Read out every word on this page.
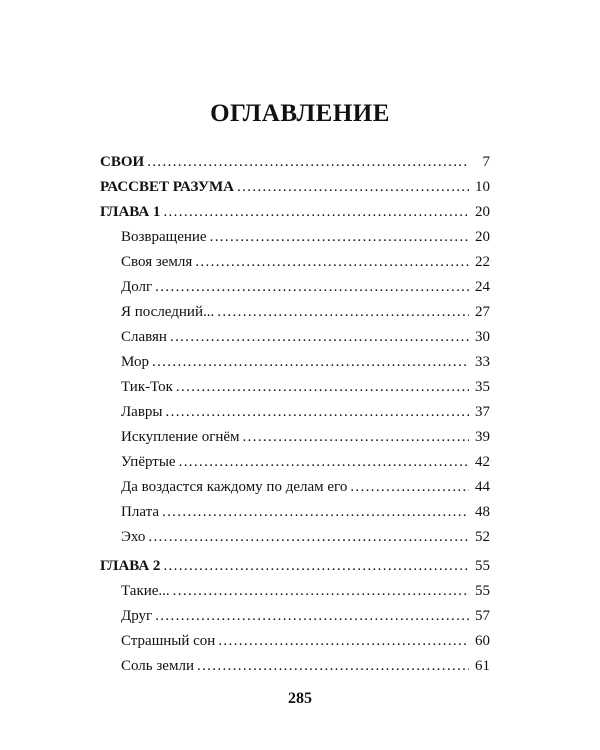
ОГЛАВЛЕНИЕ
СВОИ . . .	7
РАССВЕТ РАЗУМА . . .	10
ГЛАВА 1 . . .	20
Возвращение . . .	20
Своя земля . . .	22
Долг . . .	24
Я последний... . . .	27
Славян . . .	30
Мор . . .	33
Тик-Ток . . .	35
Лавры . . .	37
Искупление огнём . . .	39
Упёртые . . .	42
Да воздастся каждому по делам его . . .	44
Плата . . .	48
Эхо . . .	52
ГЛАВА 2 . . .	55
Такие... . . .	55
Друг . . .	57
Страшный сон . . .	60
Соль земли . . .	61
285
